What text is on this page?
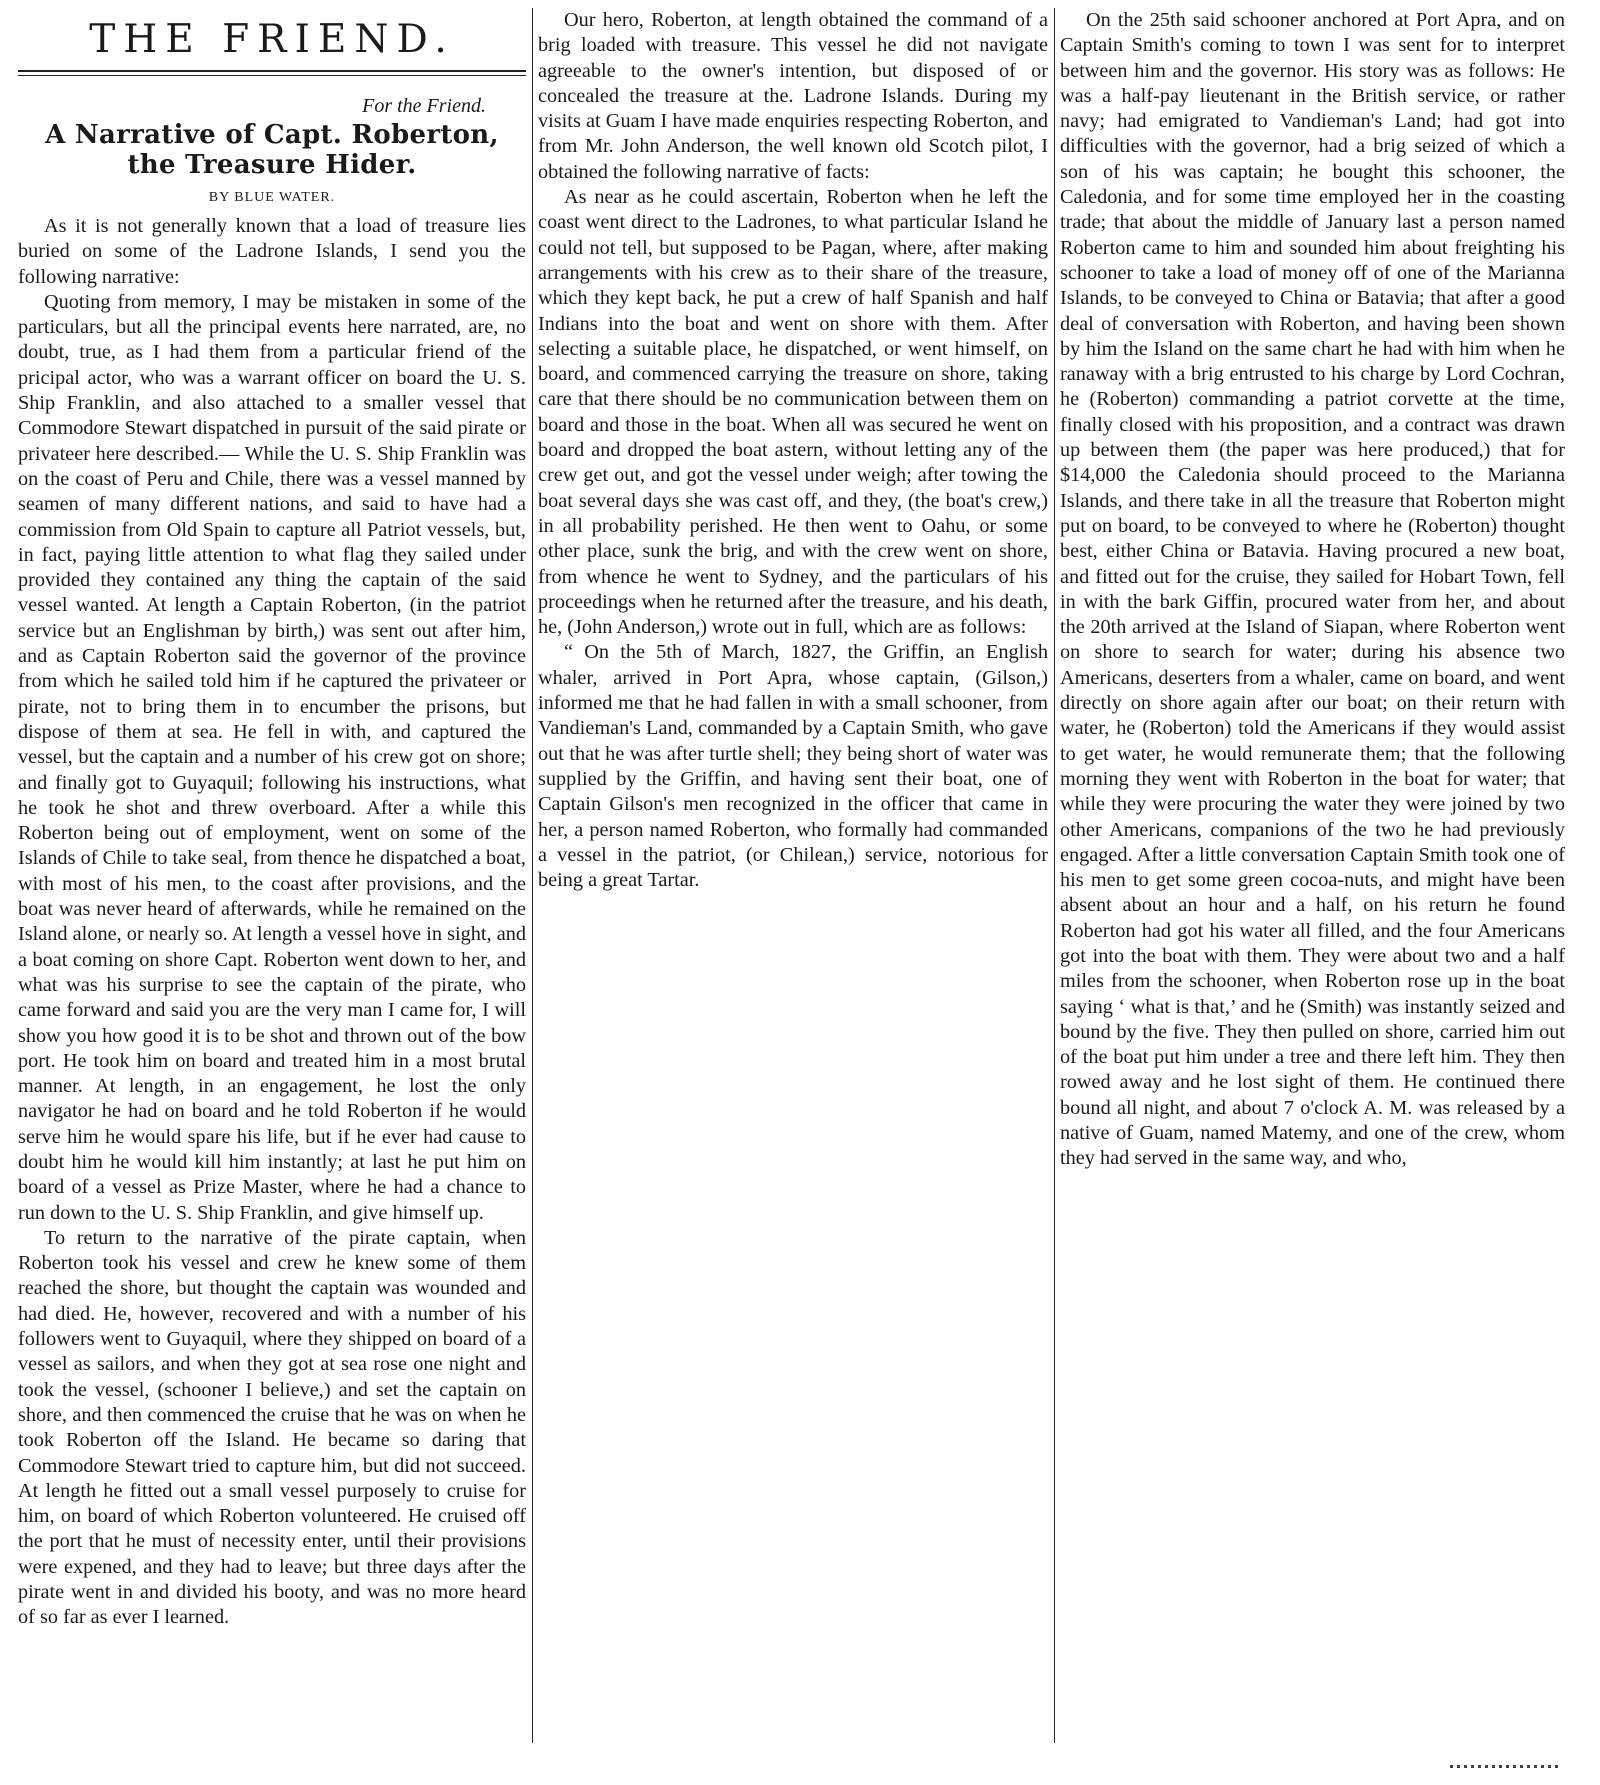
THE FRIEND.
For the Friend.
A Narrative of Capt. Roberton,
the Treasure Hider.
BY BLUE WATER.

As it is not generally known that a load of treasure lies buried on some of the Ladrone Islands, I send you the following narrative:

Quoting from memory, I may be mistaken in some of the particulars, but all the principal events here narrated, are, no doubt, true, as I had them from a particular friend of the pricipal actor, who was a warrant officer on board the U. S. Ship Franklin, and also attached to a smaller vessel that Commodore Stewart dispatched in pursuit of the said pirate or privateer here described.— While the U. S. Ship Franklin was on the coast of Peru and Chile, there was a vessel manned by seamen of many different nations, and said to have had a commission from Old Spain to capture all Patriot vessels, but, in fact, paying little attention to what flag they sailed under provided they contained any thing the captain of the said vessel wanted. At length a Captain Roberton, (in the patriot service but an Englishman by birth,) was sent out after him, and as Captain Roberton said the governor of the province from which he sailed told him if he captured the privateer or pirate, not to bring them in to encumber the prisons, but dispose of them at sea. He fell in with, and captured the vessel, but the captain and a number of his crew got on shore; and finally got to Guyaquil; following his instructions, what he took he shot and threw overboard. After a while this Roberton being out of employment, went on some of the Islands of Chile to take seal, from thence he dispatched a boat, with most of his men, to the coast after provisions, and the boat was never heard of afterwards, while he remained on the Island alone, or nearly so. At length a vessel hove in sight, and a boat coming on shore Capt. Roberton went down to her, and what was his surprise to see the captain of the pirate, who came forward and said you are the very man I came for, I will show you how good it is to be shot and thrown out of the bow port. He took him on board and treated him in a most brutal manner. At length, in an engagement, he lost the only navigator he had on board and he told Roberton if he would serve him he would spare his life, but if he ever had cause to doubt him he would kill him instantly; at last he put him on board of a vessel as Prize Master, where he had a chance to run down to the U. S. Ship Franklin, and give himself up.

To return to the narrative of the pirate captain, when Roberton took his vessel and crew he knew some of them reached the shore, but thought the captain was wounded and had died. He, however, recovered and with a number of his followers went to Guyaquil, where they shipped on board of a vessel as sailors, and when they got at sea rose one night and took the vessel, (schooner I believe,) and set the captain on shore, and then commenced the cruise that he was on when he took Roberton off the Island. He became so daring that Commodore Stewart tried to capture him, but did not succeed. At length he fitted out a small vessel purposely to cruise for him, on board of which Roberton volunteered. He cruised off the port that he must of necessity enter, until their provisions were expened, and they had to leave; but three days after the pirate went in and divided his booty, and was no more heard of so far as ever I learned.

Our hero, Roberton, at length obtained the command of a brig loaded with treasure. This vessel he did not navigate agreeable to the owner's intention, but disposed of or concealed the treasure at the. Ladrone Islands. During my visits at Guam I have made enquiries respecting Roberton, and from Mr. John Anderson, the well known old Scotch pilot, I obtained the following narrative of facts:

As near as he could ascertain, Roberton when he left the coast went direct to the Ladrones, to what particular Island he could not tell, but supposed to be Pagan, where, after making arrangements with his crew as to their share of the treasure, which they kept back, he put a crew of half Spanish and half Indians into the boat and went on shore with them. After selecting a suitable place, he dispatched, or went himself, on board, and commenced carrying the treasure on shore, taking care that there should be no communication between them on board and those in the boat. When all was secured he went on board and dropped the boat astern, without letting any of the crew get out, and got the vessel under weigh; after towing the boat several days she was cast off, and they, (the boat's crew,) in all probability perished. He then went to Oahu, or some other place, sunk the brig, and with the crew went on shore, from whence he went to Sydney, and the particulars of his proceedings when he returned after the treasure, and his death, he, (John Anderson,) wrote out in full, which are as follows:

“ On the 5th of March, 1827, the Griffin, an English whaler, arrived in Port Apra, whose captain, (Gilson,) informed me that he had fallen in with a small schooner, from Vandieman's Land, commanded by a Captain Smith, who gave out that he was after turtle shell; they being short of water was supplied by the Griffin, and having sent their boat, one of Captain Gilson's men recognized in the officer that came in her, a person named Roberton, who formally had commanded a vessel in the patriot, (or Chilean,) service, notorious for being a great Tartar.

On the 25th said schooner anchored at Port Apra, and on Captain Smith's coming to town I was sent for to interpret between him and the governor. His story was as follows: He was a half-pay lieutenant in the British service, or rather navy; had emigrated to Vandieman's Land; had got into difficulties with the governor, had a brig seized of which a son of his was captain; he bought this schooner, the Caledonia, and for some time employed her in the coasting trade; that about the middle of January last a person named Roberton came to him and sounded him about freighting his schooner to take a load of money off of one of the Marianna Islands, to be conveyed to China or Batavia; that after a good deal of conversation with Roberton, and having been shown by him the Island on the same chart he had with him when he ranaway with a brig entrusted to his charge by Lord Cochran, he (Roberton) commanding a patriot corvette at the time, finally closed with his proposition, and a contract was drawn up between them (the paper was here produced,) that for $14,000 the Caledonia should proceed to the Marianna Islands, and there take in all the treasure that Roberton might put on board, to be conveyed to where he (Roberton) thought best, either China or Batavia. Having procured a new boat, and fitted out for the cruise, they sailed for Hobart Town, fell in with the bark Giffin, procured water from her, and about the 20th arrived at the Island of Siapan, where Roberton went on shore to search for water; during his absence two Americans, deserters from a whaler, came on board, and went directly on shore again after our boat; on their return with water, he (Roberton) told the Americans if they would assist to get water, he would remunerate them; that the following morning they went with Roberton in the boat for water; that while they were procuring the water they were joined by two other Americans, companions of the two he had previously engaged. After a little conversation Captain Smith took one of his men to get some green cocoa-nuts, and might have been absent about an hour and a half, on his return he found Roberton had got his water all filled, and the four Americans got into the boat with them. They were about two and a half miles from the schooner, when Roberton rose up in the boat saying ‘ what is that,’ and he (Smith) was instantly seized and bound by the five. They then pulled on shore, carried him out of the boat put him under a tree and there left him. They then rowed away and he lost sight of them. He continued there bound all night, and about 7 o'clock A. M. was released by a native of Guam, named Matemy, and one of the crew, whom they had served in the same way, and who,
